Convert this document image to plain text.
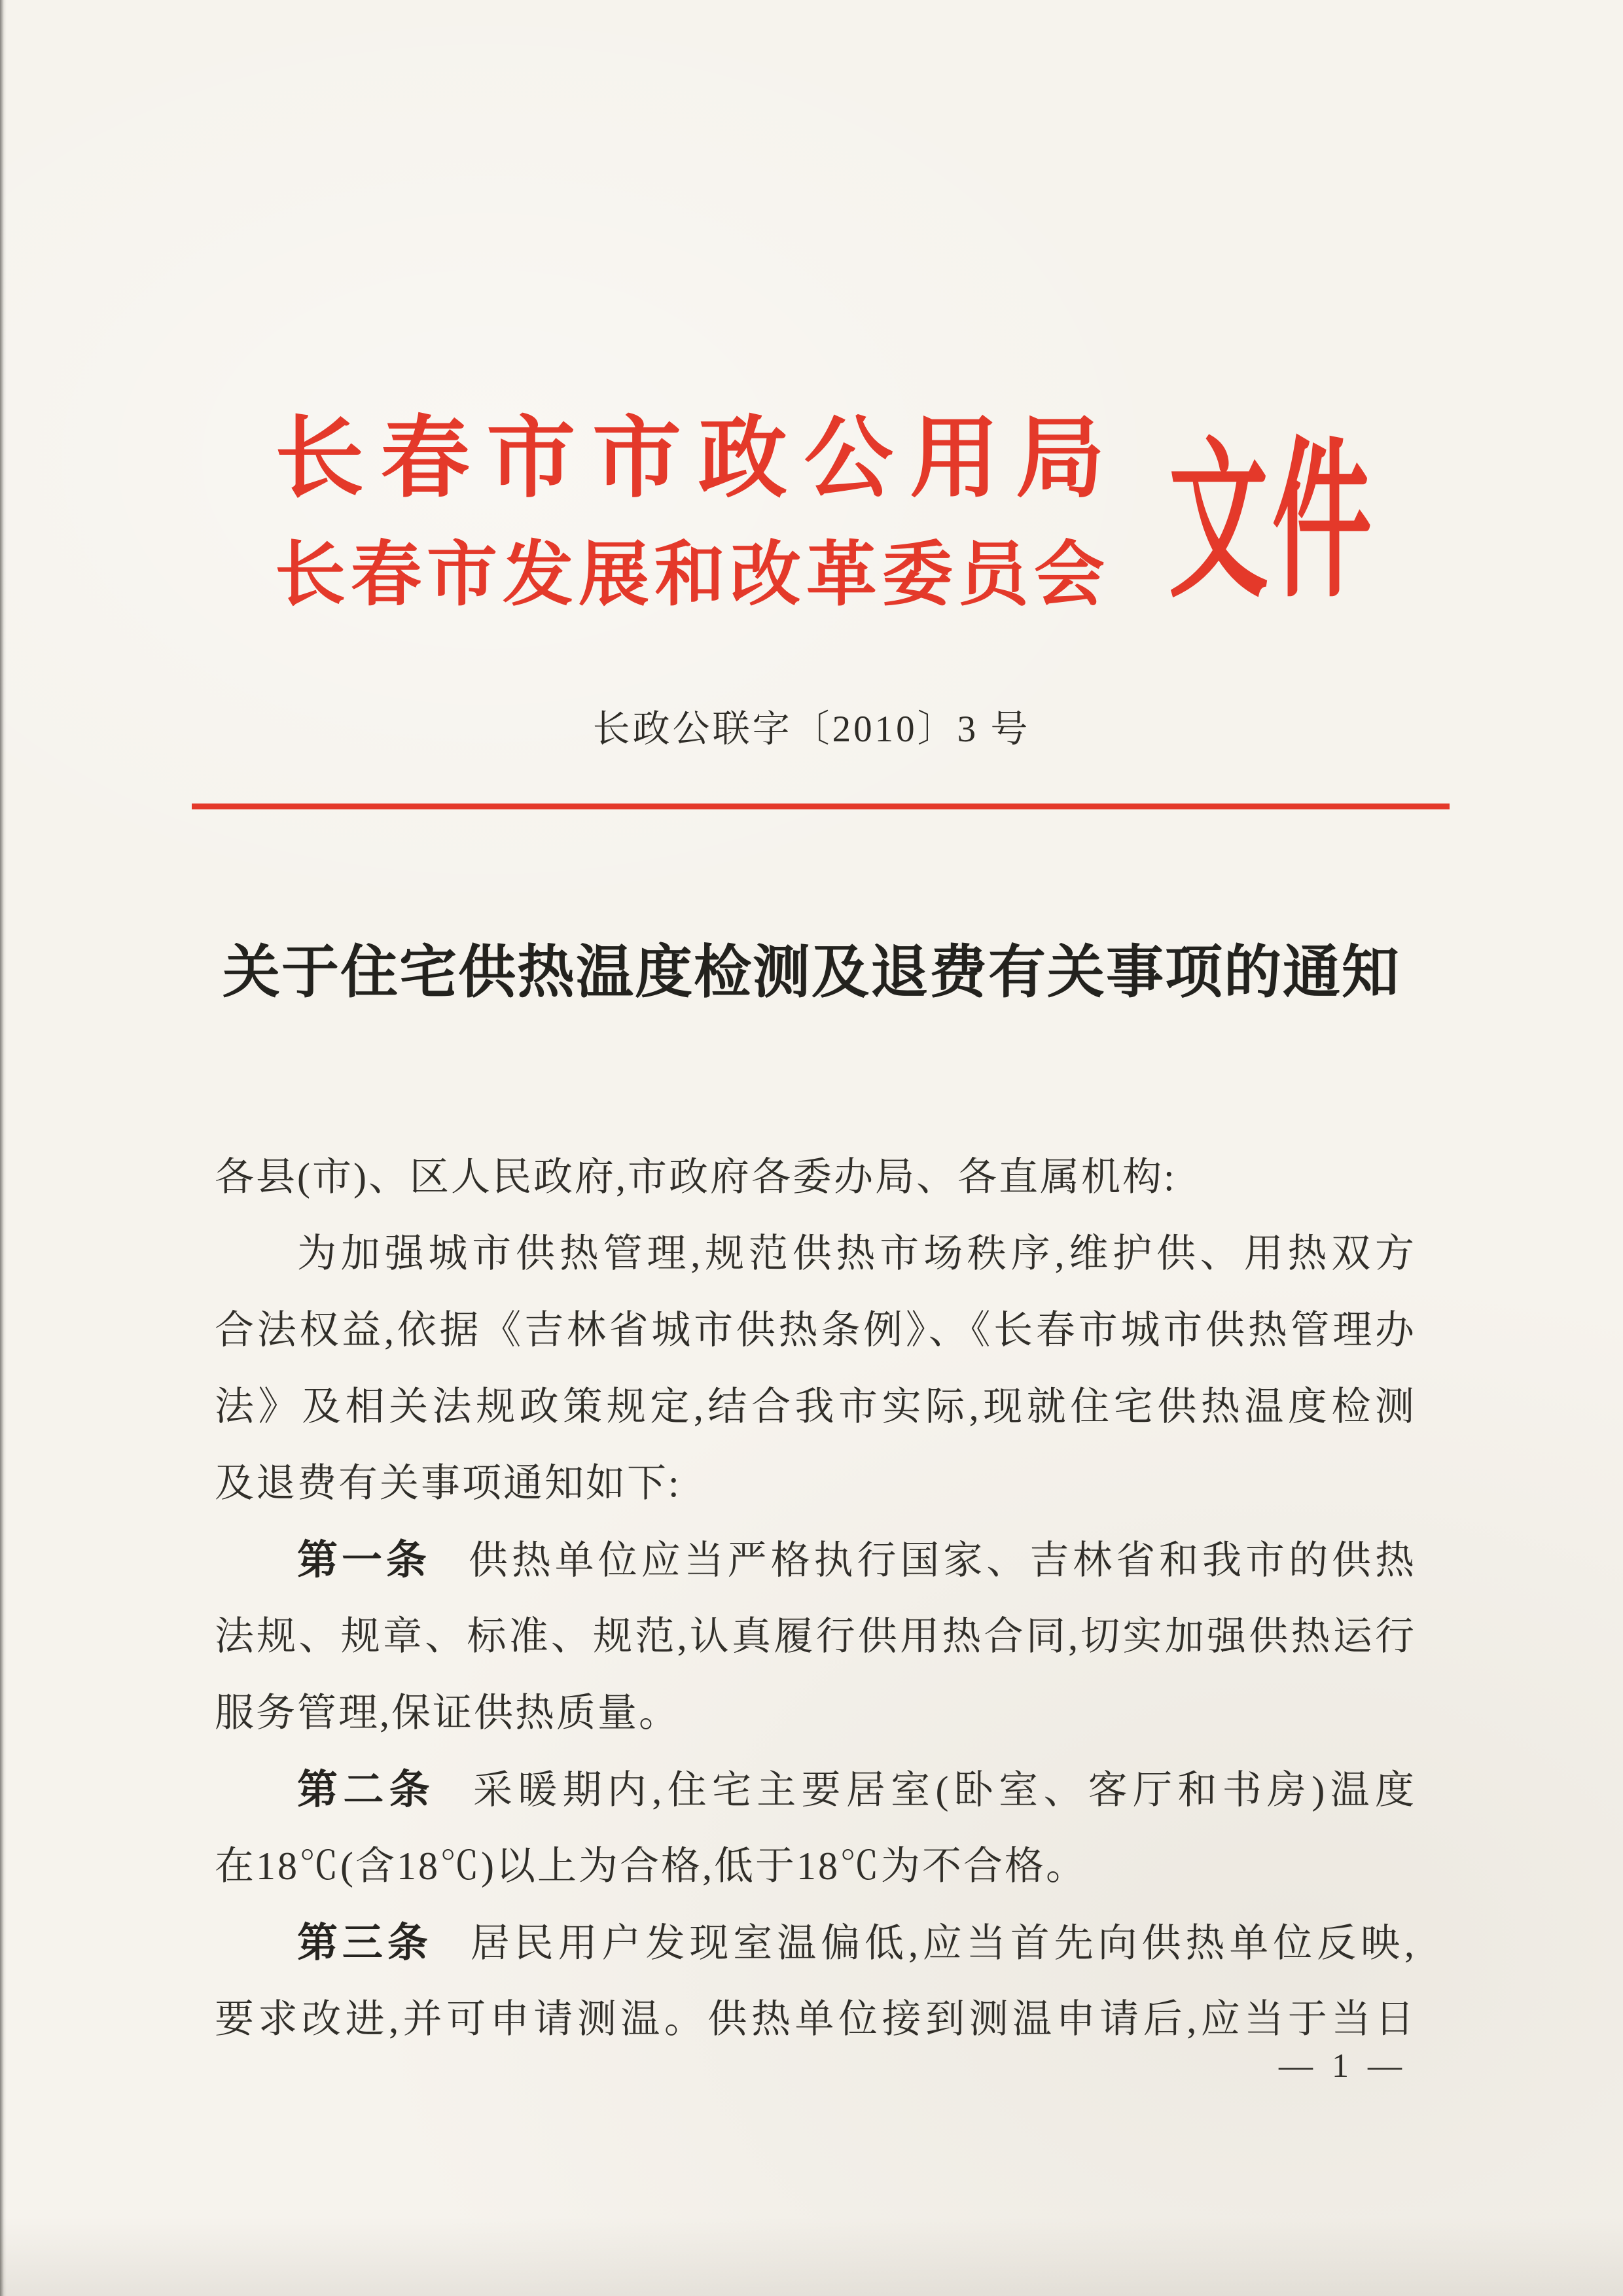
长 春 市 市 政 公 用 局
长 春 市 发 展 和 改 革 委 员 会 文件
长政公联字〔2010〕3 号
关于住宅供热温度检测及退费有关事项的通知
各县(市)、区人民政府,市政府各委办局、各直属机构:
为加强城市供热管理,规范供热市场秩序,维护供、用热双方
合法权益,依据《吉林省城市供热条例》、《长春市城市供热管理办
法》及相关法规政策规定,结合我市实际,现就住宅供热温度检测
及退费有关事项通知如下:
第一条 供热单位应当严格执行国家、吉林省和我市的供热
法规、规章、标准、规范,认真履行供用热合同,切实加强供热运行
服务管理,保证供热质量。
第二条 采暖期内,住宅主要居室(卧室、客厅和书房)温度
在18℃(含18℃)以上为合格,低于18℃为不合格。
第三条 居民用户发现室温偏低,应当首先向供热单位反映,
要求改进,并可申请测温。供热单位接到测温申请后,应当于当日
— 1 —
